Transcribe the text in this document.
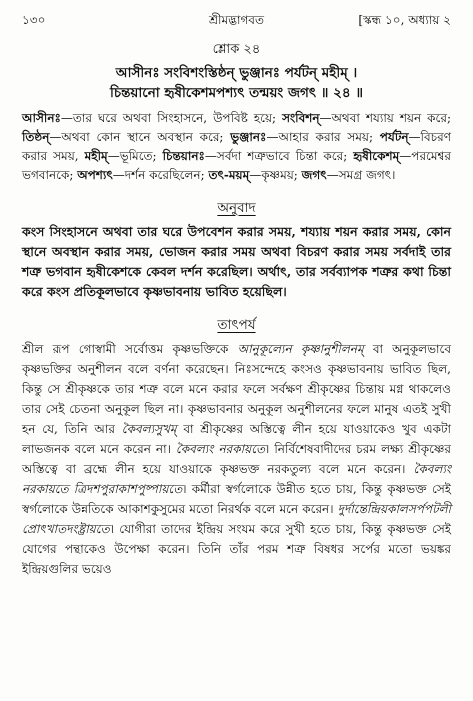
১৩০	শ্রীমদ্ভাগবত	[স্কন্ধ ১০, অধ্যায় ২
শ্লোক ২৪
আসীনঃ সংবিশংস্তিষ্ঠন্‌ ভুঞ্জানঃ পর্যটন্‌ মহীম্‌ ।
চিন্তয়ানো হৃষীকেশমপশ্যৎ তন্ময়ং জগৎ ॥ ২৪ ॥
আসীনঃ—তার ঘরে অথবা সিংহাসনে, উপবিষ্ট হয়ে; সংবিশন্‌—অথবা শয্যায় শয়ন করে; তিষ্ঠন্‌—অথবা কোন স্থানে অবস্থান করে; ভুঞ্জানঃ—আহার করার সময়; পর্যটন্‌—বিচরণ করার সময়, মহীম্‌—ভূমিতে; চিন্তয়ানঃ—সর্বদা শত্রুভাবে চিন্তা করে; হৃষীকেশম্‌—পরমেশ্বর ভগবানকে; অপশ্যৎ—দর্শন করেছিলেন; তৎ-ময়ম্‌—কৃষ্ণময়; জগৎ—সমগ্র জগৎ।
অনুবাদ
কংস সিংহাসনে অথবা তার ঘরে উপবেশন করার সময়, শয্যায় শয়ন করার সময়, কোন স্থানে অবস্থান করার সময়, ভোজন করার সময় অথবা বিচরণ করার সময় সর্বদাই তার শত্রু ভগবান হৃষীকেশকে কেবল দর্শন করেছিল। অর্থাৎ, তার সর্বব্যাপক শত্রুর কথা চিন্তা করে কংস প্রতিকূলভাবে কৃষ্ণভাবনায় ভাবিত হয়েছিল।
তাৎপর্য

শ্রীল রূপ গোস্বামী সর্বোত্তম কৃষ্ণভক্তিকে আনুকূল্যেন কৃষ্ণানুশীলনম্‌ বা অনুকূলভাবে কৃষ্ণভক্তির অনুশীলন বলে বর্ণনা করেছেন। নিঃসন্দেহে কংসও কৃষ্ণভাবনায় ভাবিত ছিল, কিন্তু সে শ্রীকৃষ্ণকে তার শত্রু বলে মনে করার ফলে সর্বক্ষণ শ্রীকৃষ্ণের চিন্তায় মগ্ন থাকলেও তার সেই চেতনা অনুকূল ছিল না। কৃষ্ণভাবনার অনুকূল অনুশীলনের ফলে মানুষ এতই সুখী হন যে, তিনি আর কৈবল্যসুখম্‌ বা শ্রীকৃষ্ণের অস্তিত্বে লীন হয়ে যাওয়াকেও খুব একটা লাভজনক বলে মনে করেন না। কৈবল্যং নরকায়তে। নির্বিশেষবাদীদের চরম লক্ষ্য শ্রীকৃষ্ণের অস্তিত্বে বা ব্রহ্মে লীন হয়ে যাওয়াকে কৃষ্ণভক্ত নরকতুল্য বলে মনে করেন। কৈবল্যং নরকায়তে ত্রিদশপুরাকাশপুষ্পায়তে। কর্মীরা স্বর্গলোকে উন্নীত হতে চায়, কিন্তু কৃষ্ণভক্ত সেই স্বর্গলোকে উন্নতিকে আকাশকুসুমের মতো নিরর্থক বলে মনে করেন। দুর্দান্তেন্দ্রিয়কালসর্পপটলী প্রোৎখাতদংষ্ট্রায়তে। যোগীরা তাদের ইন্দ্রিয় সংযম করে সুখী হতে চায়, কিন্তু কৃষ্ণভক্ত সেই যোগের পন্থাকেও উপেক্ষা করেন। তিনি তাঁর পরম শত্রু বিষধর সর্পের মতো ভয়ঙ্কর ইন্দ্রিয়গুলির ভয়েও
